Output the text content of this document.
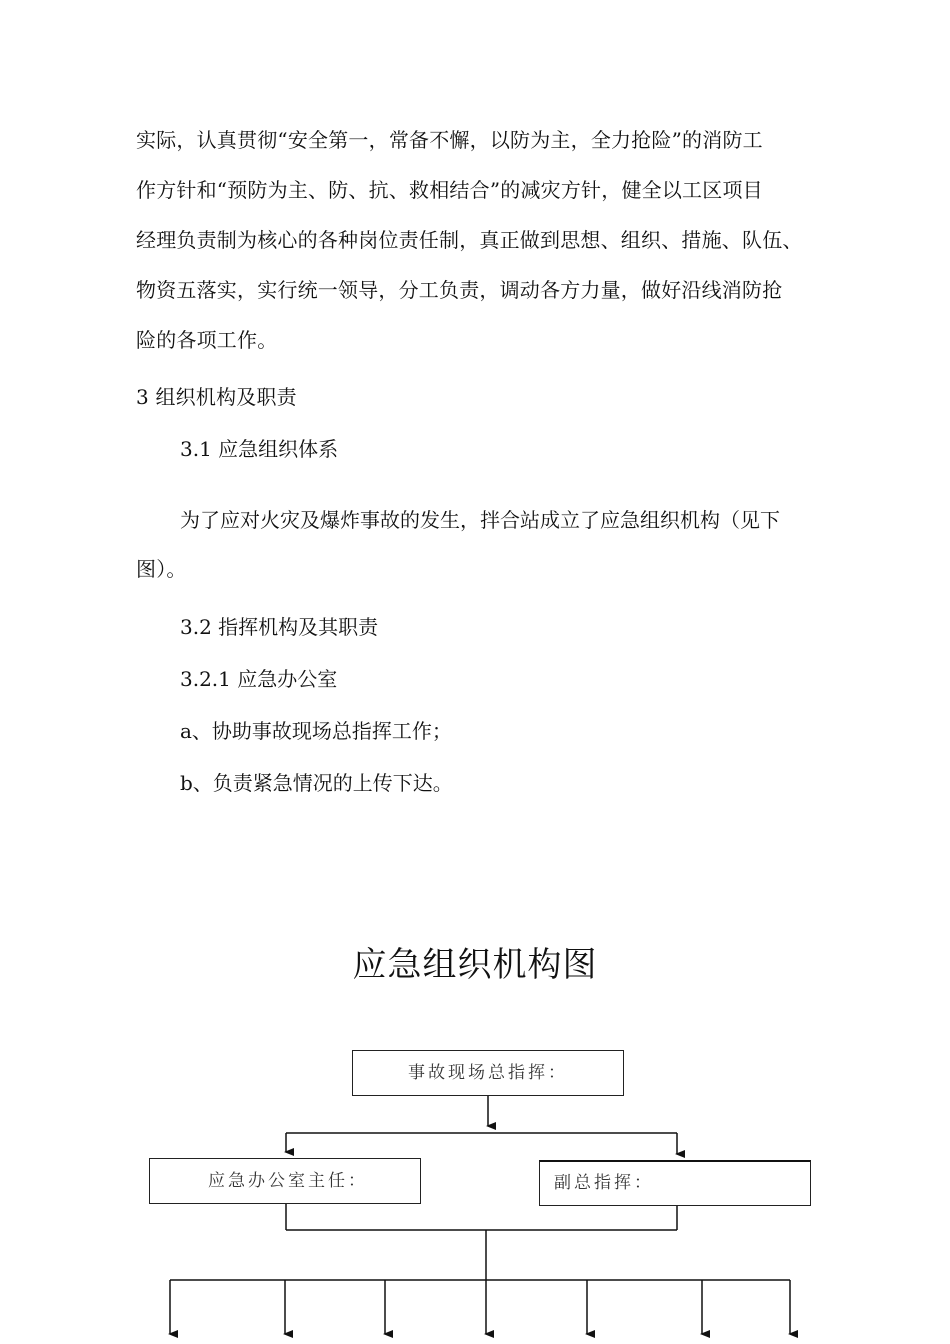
实际，认真贯彻“安全第一，常备不懈，以防为主，全力抢险”的消防工
作方针和“预防为主、防、抗、救相结合”的减灾方针，健全以工区项目
经理负责制为核心的各种岗位责任制，真正做到思想、组织、措施、队伍、
物资五落实，实行统一领导，分工负责，调动各方力量，做好沿线消防抢
险的各项工作。
3 组织机构及职责
3.1 应急组织体系
为了应对火灾及爆炸事故的发生，拌合站成立了应急组织机构（见下
图）。
3.2 指挥机构及其职责
3.2.1 应急办公室
a、协助事故现场总指挥工作；
b、负责紧急情况的上传下达。
应急组织机构图
事故现场总指挥：
应急办公室主任：	副总指挥：
